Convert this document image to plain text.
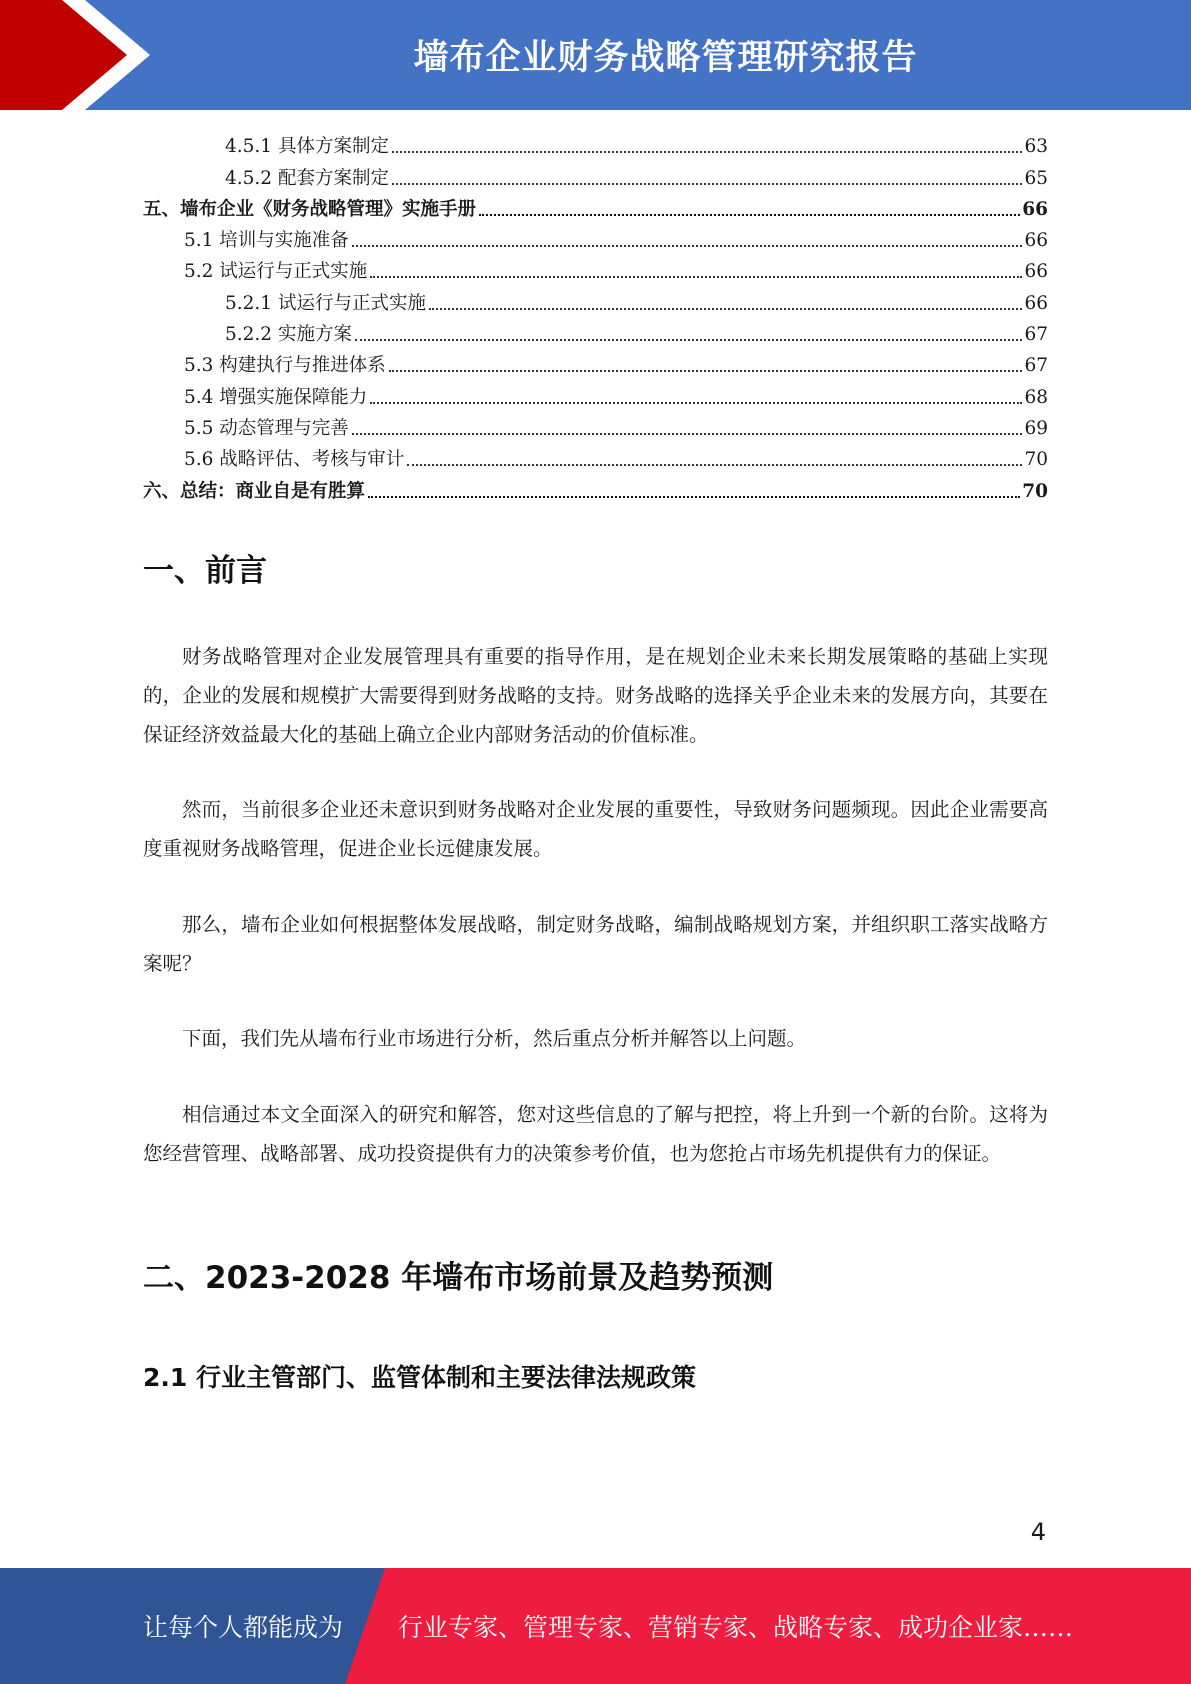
墙布企业财务战略管理研究报告
4.5.1 具体方案制定	63
4.5.2 配套方案制定	65
五、墙布企业《财务战略管理》实施手册	66
5.1 培训与实施准备	66
5.2 试运行与正式实施	66
5.2.1 试运行与正式实施	66
5.2.2 实施方案	67
5.3 构建执行与推进体系	67
5.4 增强实施保障能力	68
5.5 动态管理与完善	69
5.6 战略评估、考核与审计	70
六、总结：商业自是有胜算	70
一、前言

财务战略管理对企业发展管理具有重要的指导作用，是在规划企业未来长期发展策略的基础上实现的，企业的发展和规模扩大需要得到财务战略的支持。财务战略的选择关乎企业未来的发展方向，其要在保证经济效益最大化的基础上确立企业内部财务活动的价值标准。

然而，当前很多企业还未意识到财务战略对企业发展的重要性，导致财务问题频现。因此企业需要高度重视财务战略管理，促进企业长远健康发展。

那么，墙布企业如何根据整体发展战略，制定财务战略，编制战略规划方案，并组织职工落实战略方案呢？

下面，我们先从墙布行业市场进行分析，然后重点分析并解答以上问题。

相信通过本文全面深入的研究和解答，您对这些信息的了解与把控，将上升到一个新的台阶。这将为您经营管理、战略部署、成功投资提供有力的决策参考价值，也为您抢占市场先机提供有力的保证。

二、2023-2028 年墙布市场前景及趋势预测
2.1 行业主管部门、监管体制和主要法律法规政策
4
让每个人都能成为 行业专家、管理专家、营销专家、战略专家、成功企业家……
